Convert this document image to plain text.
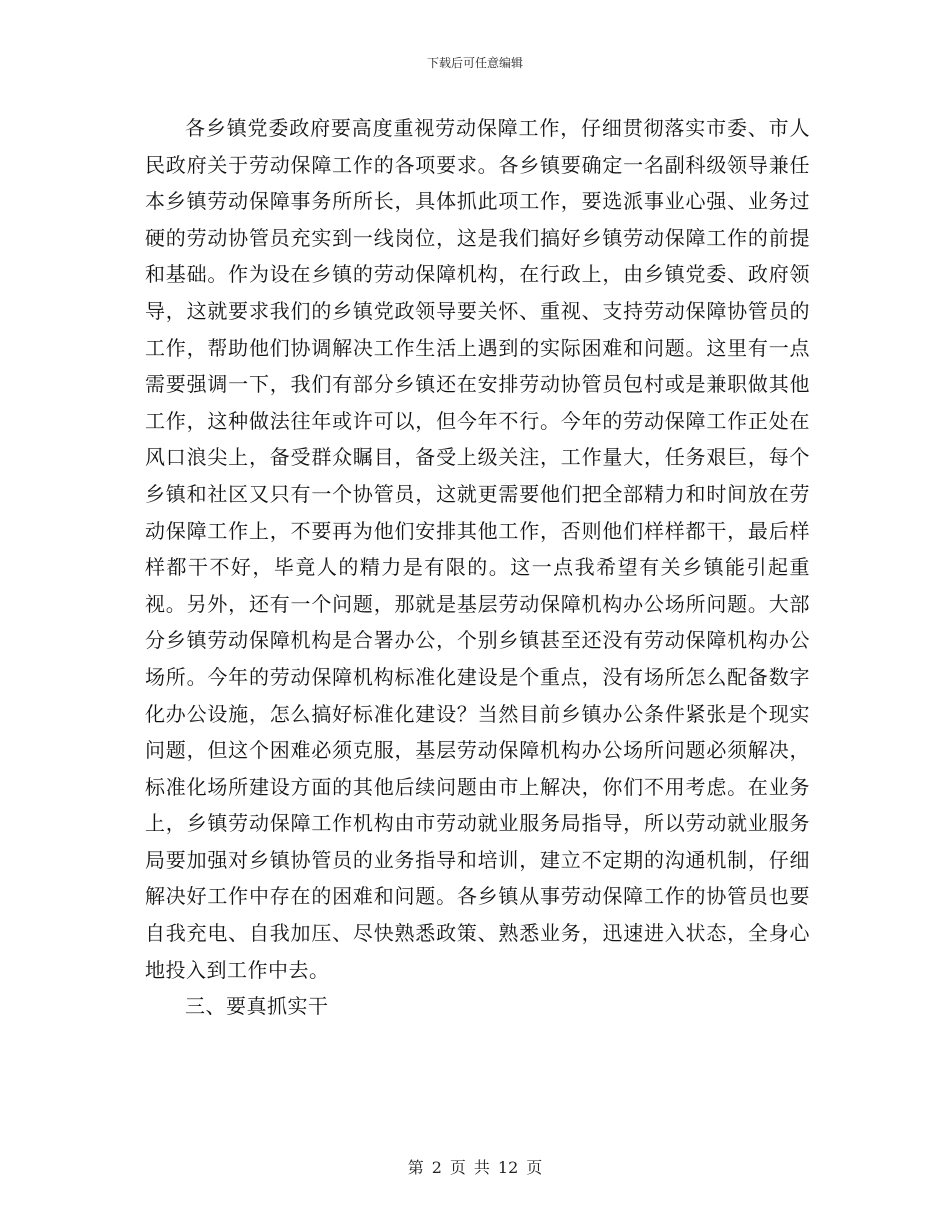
下载后可任意编辑

各乡镇党委政府要高度重视劳动保障工作，仔细贯彻落实市委、市人民政府关于劳动保障工作的各项要求。各乡镇要确定一名副科级领导兼任本乡镇劳动保障事务所所长，具体抓此项工作，要选派事业心强、业务过硬的劳动协管员充实到一线岗位，这是我们搞好乡镇劳动保障工作的前提和基础。作为设在乡镇的劳动保障机构，在行政上，由乡镇党委、政府领导，这就要求我们的乡镇党政领导要关怀、重视、支持劳动保障协管员的工作，帮助他们协调解决工作生活上遇到的实际困难和问题。这里有一点需要强调一下，我们有部分乡镇还在安排劳动协管员包村或是兼职做其他工作，这种做法往年或许可以，但今年不行。今年的劳动保障工作正处在风口浪尖上，备受群众瞩目，备受上级关注，工作量大，任务艰巨，每个乡镇和社区又只有一个协管员，这就更需要他们把全部精力和时间放在劳动保障工作上，不要再为他们安排其他工作，否则他们样样都干，最后样样都干不好，毕竟人的精力是有限的。这一点我希望有关乡镇能引起重视。另外，还有一个问题，那就是基层劳动保障机构办公场所问题。大部分乡镇劳动保障机构是合署办公，个别乡镇甚至还没有劳动保障机构办公场所。今年的劳动保障机构标准化建设是个重点，没有场所怎么配备数字化办公设施，怎么搞好标准化建设？当然目前乡镇办公条件紧张是个现实问题，但这个困难必须克服，基层劳动保障机构办公场所问题必须解决，标准化场所建设方面的其他后续问题由市上解决，你们不用考虑。在业务上，乡镇劳动保障工作机构由市劳动就业服务局指导，所以劳动就业服务局要加强对乡镇协管员的业务指导和培训，建立不定期的沟通机制，仔细解决好工作中存在的困难和问题。各乡镇从事劳动保障工作的协管员也要自我充电、自我加压、尽快熟悉政策、熟悉业务，迅速进入状态，全身心地投入到工作中去。

三、要真抓实干

第 2 页 共 12 页
